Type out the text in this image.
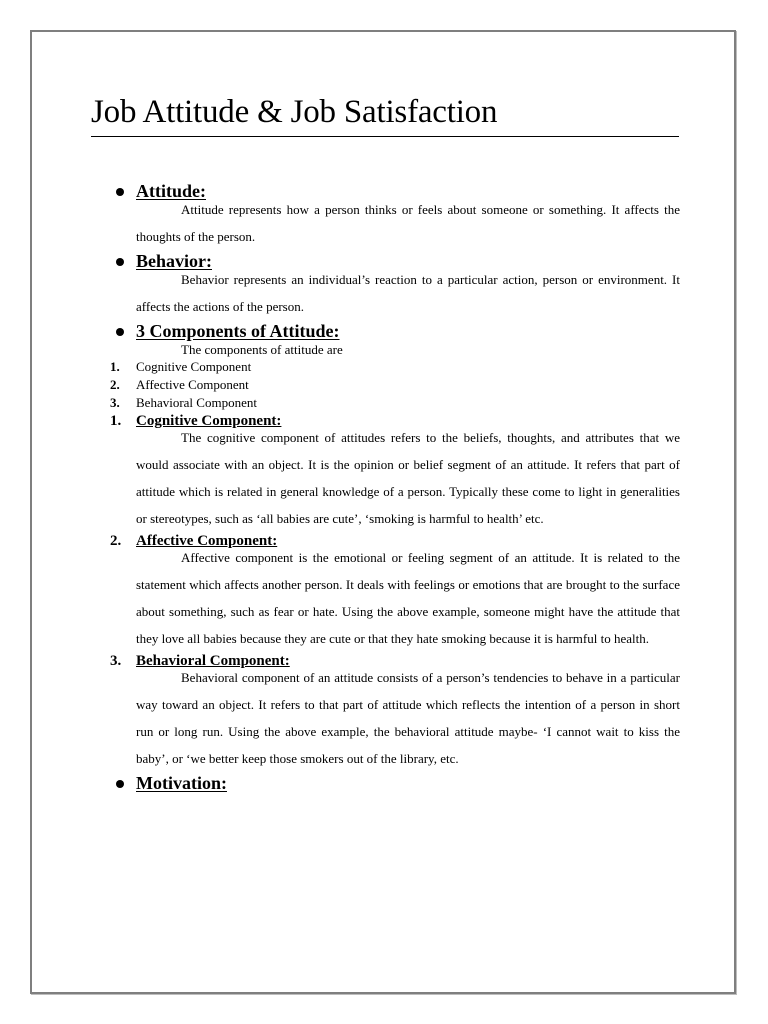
Job Attitude & Job Satisfaction
Attitude:

Attitude represents how a person thinks or feels about someone or something. It affects the thoughts of the person.

Behavior:

Behavior represents an individual’s reaction to a particular action, person or environment. It affects the actions of the person.

3 Components of Attitude:

The components of attitude are

1.	Cognitive Component
2.	Affective Component
3.	Behavioral Component
1. Cognitive Component:

The cognitive component of attitudes refers to the beliefs, thoughts, and attributes that we would associate with an object. It is the opinion or belief segment of an attitude. It refers that part of attitude which is related in general knowledge of a person. Typically these come to light in generalities or stereotypes, such as ‘all babies are cute’, ‘smoking is harmful to health’ etc.

2. Affective Component:

Affective component is the emotional or feeling segment of an attitude. It is related to the statement which affects another person. It deals with feelings or emotions that are brought to the surface about something, such as fear or hate. Using the above example, someone might have the attitude that they love all babies because they are cute or that they hate smoking because it is harmful to health.

3. Behavioral Component:

Behavioral component of an attitude consists of a person’s tendencies to behave in a particular way toward an object. It refers to that part of attitude which reflects the intention of a person in short run or long run. Using the above example, the behavioral attitude maybe- ‘I cannot wait to kiss the baby’, or ‘we better keep those smokers out of the library, etc.

Motivation:
